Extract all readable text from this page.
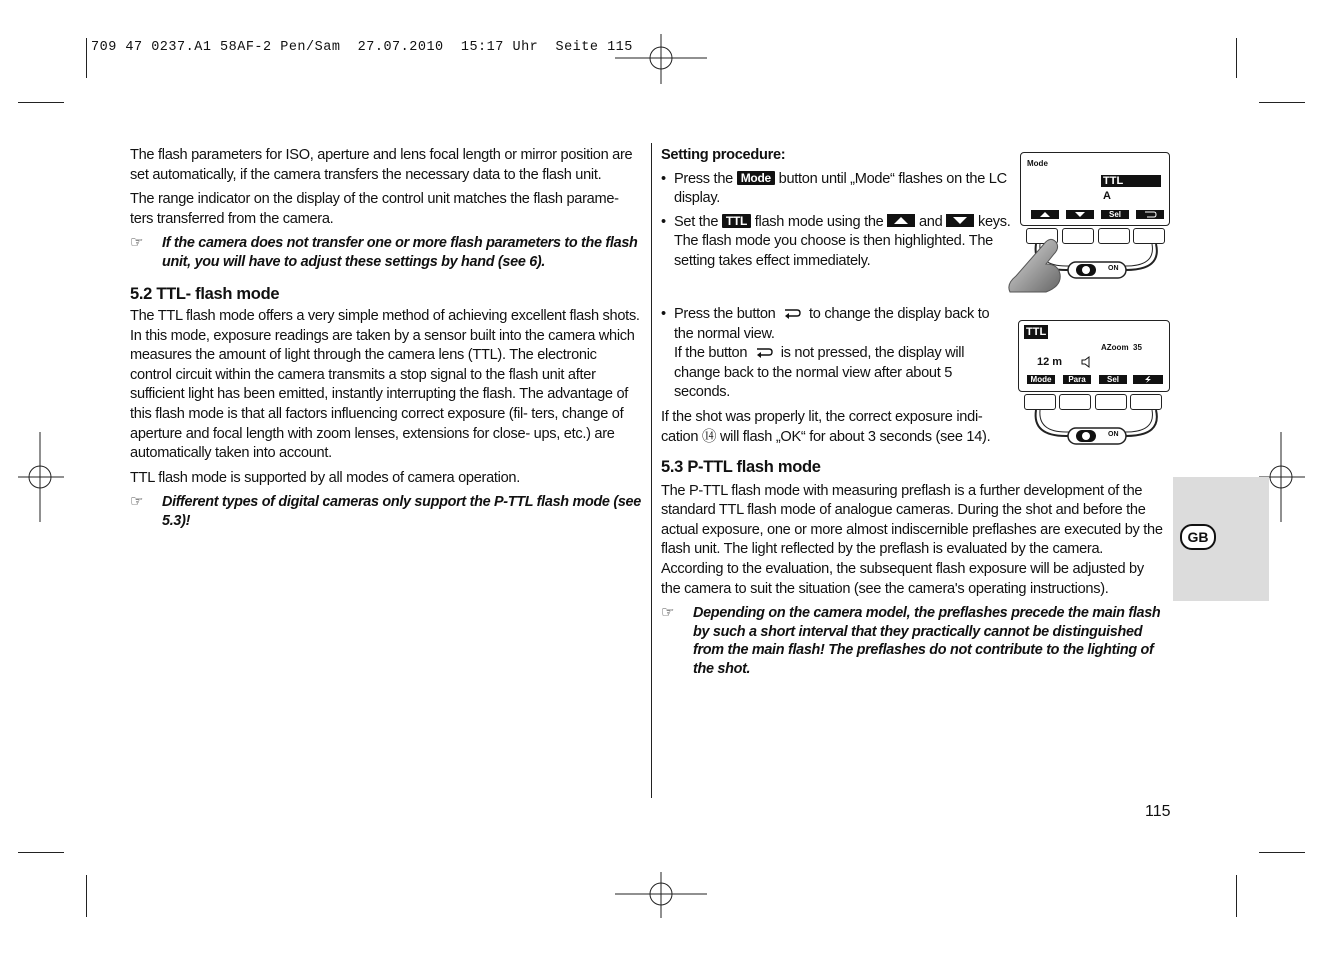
709 47 0237.A1 58AF-2 Pen/Sam  27.07.2010  15:17 Uhr  Seite 115

The flash parameters for ISO, aperture and lens focal length or mirror position are set automatically, if the camera transfers the necessary data to the flash unit.

The range indicator on the display of the control unit matches the flash parame- ters transferred from the camera.

☞	If the camera does not transfer one or more flash parameters to the flash unit, you will have to adjust these settings by hand (see 6).
5.2 TTL- flash mode

The TTL flash mode offers a very simple method of achieving excellent flash shots. In this mode, exposure readings are taken by a sensor built into the camera which measures the amount of light through the camera lens (TTL). The electronic control circuit within the camera transmits a stop signal to the flash unit after sufficient light has been emitted, instantly interrupting the flash. The advantage of this flash mode is that all factors influencing correct exposure (fil- ters, change of aperture and focal length with zoom lenses, extensions for close- ups, etc.) are automatically taken into account.

TTL flash mode is supported by all modes of camera operation.

☞	Different types of digital cameras only support the P-TTL flash mode (see 5.3)!
Setting procedure:
• Press the Mode button until „Mode“ flashes on the LC display.
• Set the TTL flash mode using the and keys. The flash mode you choose is then highlighted. The setting takes effect immediately.
• Press the button to change the display back to the normal view.
If the button is not pressed, the display will change back to the normal view after about 5 seconds.

If the shot was properly lit, the correct exposure indi- cation ⑭ will flash „OK“ for about 3 seconds (see 14).

5.3 P-TTL flash mode

The P-TTL flash mode with measuring preflash is a further development of the standard TTL flash mode of analogue cameras. During the shot and before the actual exposure, one or more almost indiscernible preflashes are executed by the flash unit. The light reflected by the preflash is evaluated by the camera. According to the evaluation, the subsequent flash exposure will be adjusted by the camera to suit the situation (see the camera's operating instructions).

☞	Depending on the camera model, the preflashes precede the main flash by such a short interval that they practically cannot be distinguished from the main flash! The preflashes do not contribute to the lighting of the shot.
Mode
TTL
A
Sel
ON
TTL
AZoom 35
12 m
Mode	Para	Sel
ON
GB
115
